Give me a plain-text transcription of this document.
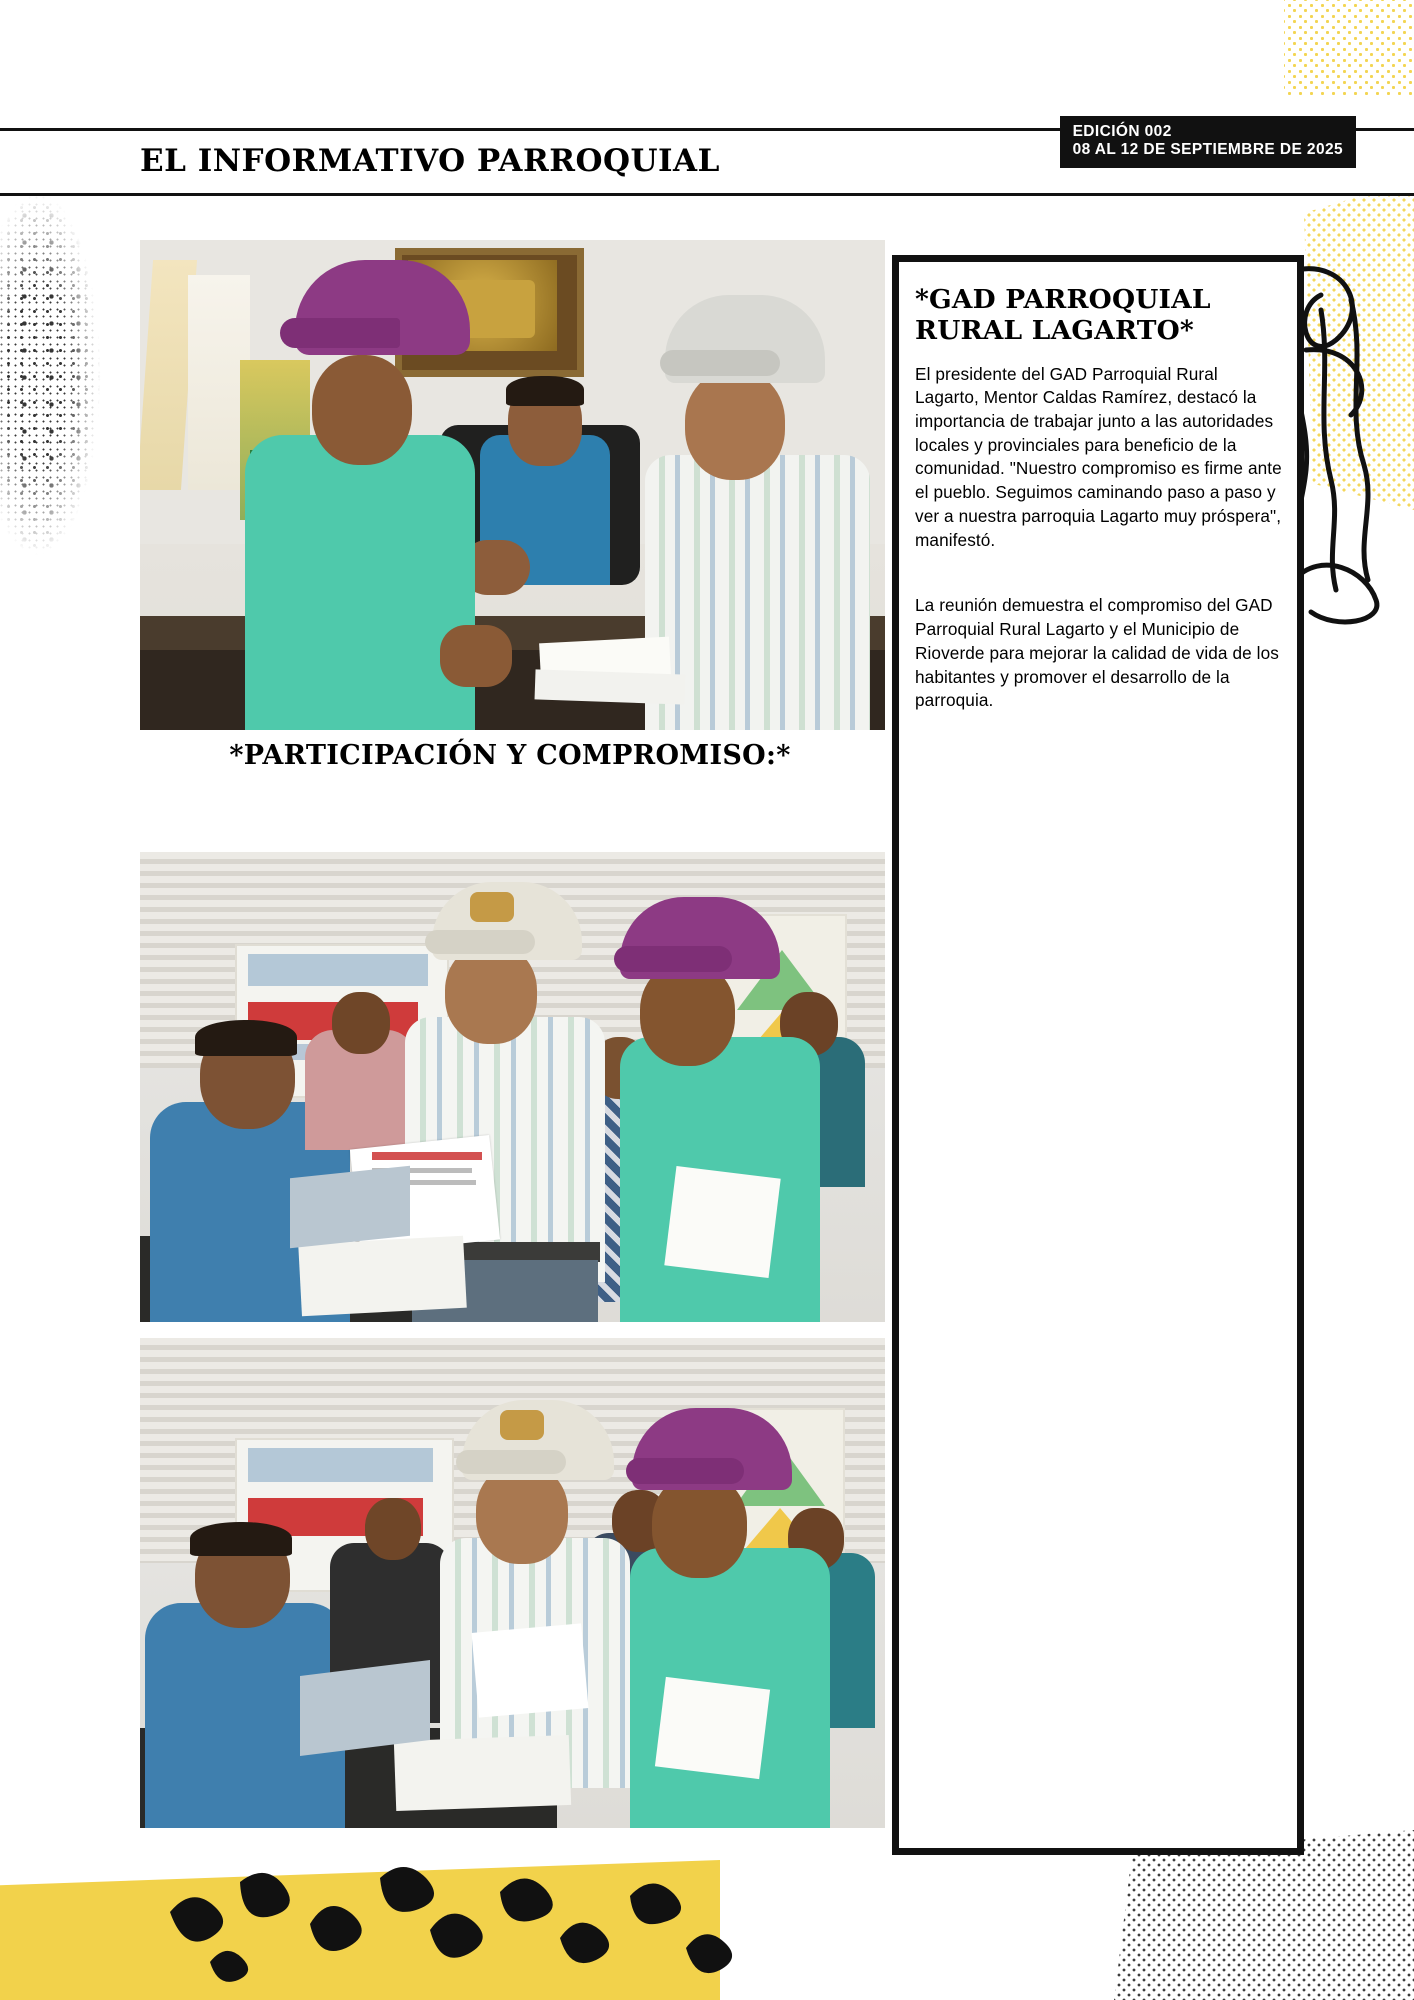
EL INFORMATIVO PARROQUIAL
EDICIÓN 002
08 AL 12 DE SEPTIEMBRE DE 2025
*PARTICIPACIÓN Y COMPROMISO:*
*GAD PARROQUIAL RURAL LAGARTO*

El presidente del GAD Parroquial Rural Lagarto, Mentor Caldas Ramírez, destacó la importancia de trabajar junto a las autoridades locales y provinciales para beneficio de la comunidad. "Nuestro compromiso es firme ante el pueblo. Seguimos caminando paso a paso y ver a nuestra parroquia Lagarto muy próspera", manifestó.

La reunión demuestra el compromiso del GAD Parroquial Rural Lagarto y el Municipio de Rioverde para mejorar la calidad de vida de los habitantes y promover el desarrollo de la parroquia.
